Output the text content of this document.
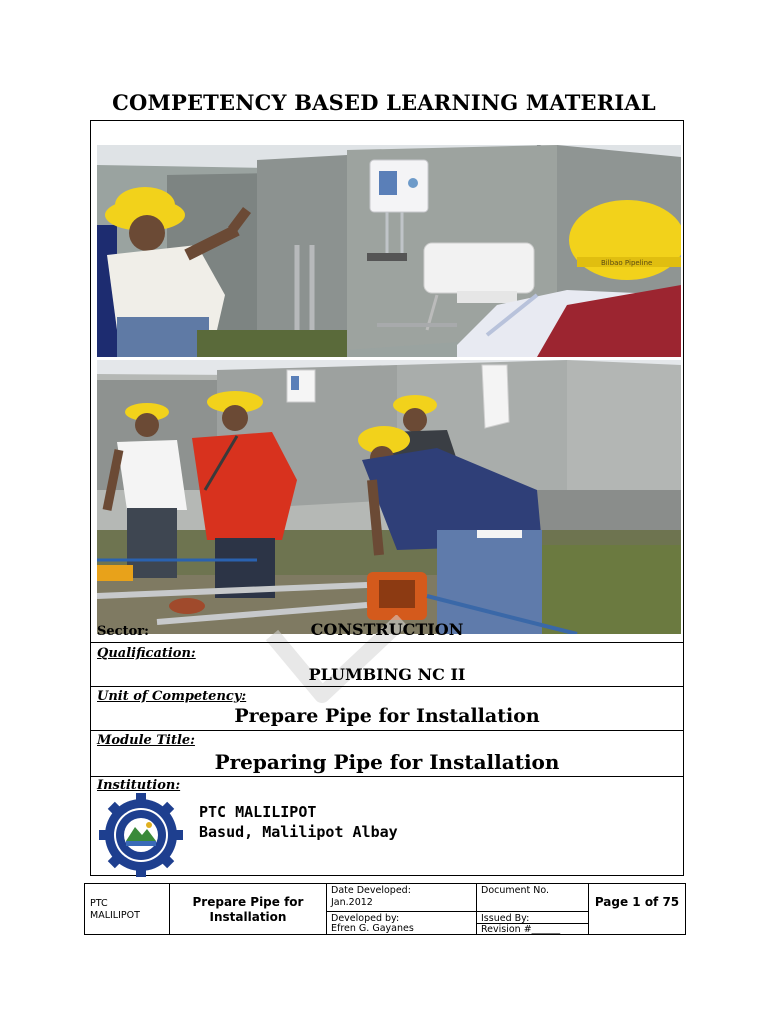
COMPETENCY BASED LEARNING MATERIAL
Bilbao Pipeline
Sector:	CONSTRUCTION
Qualification:
PLUMBING NC II
Unit of Competency:
Prepare Pipe for Installation
Module Title:
Preparing Pipe for Installation
Institution:
PTC MALILIPOT
Basud, Malilipot Albay
PTC
MALILIPOT
Prepare Pipe for
Installation
Date Developed:
Jan.2012
Developed by:
Efren G. Gayanes
Document No.
Issued By:
Revision #______
Page 1 of 75
